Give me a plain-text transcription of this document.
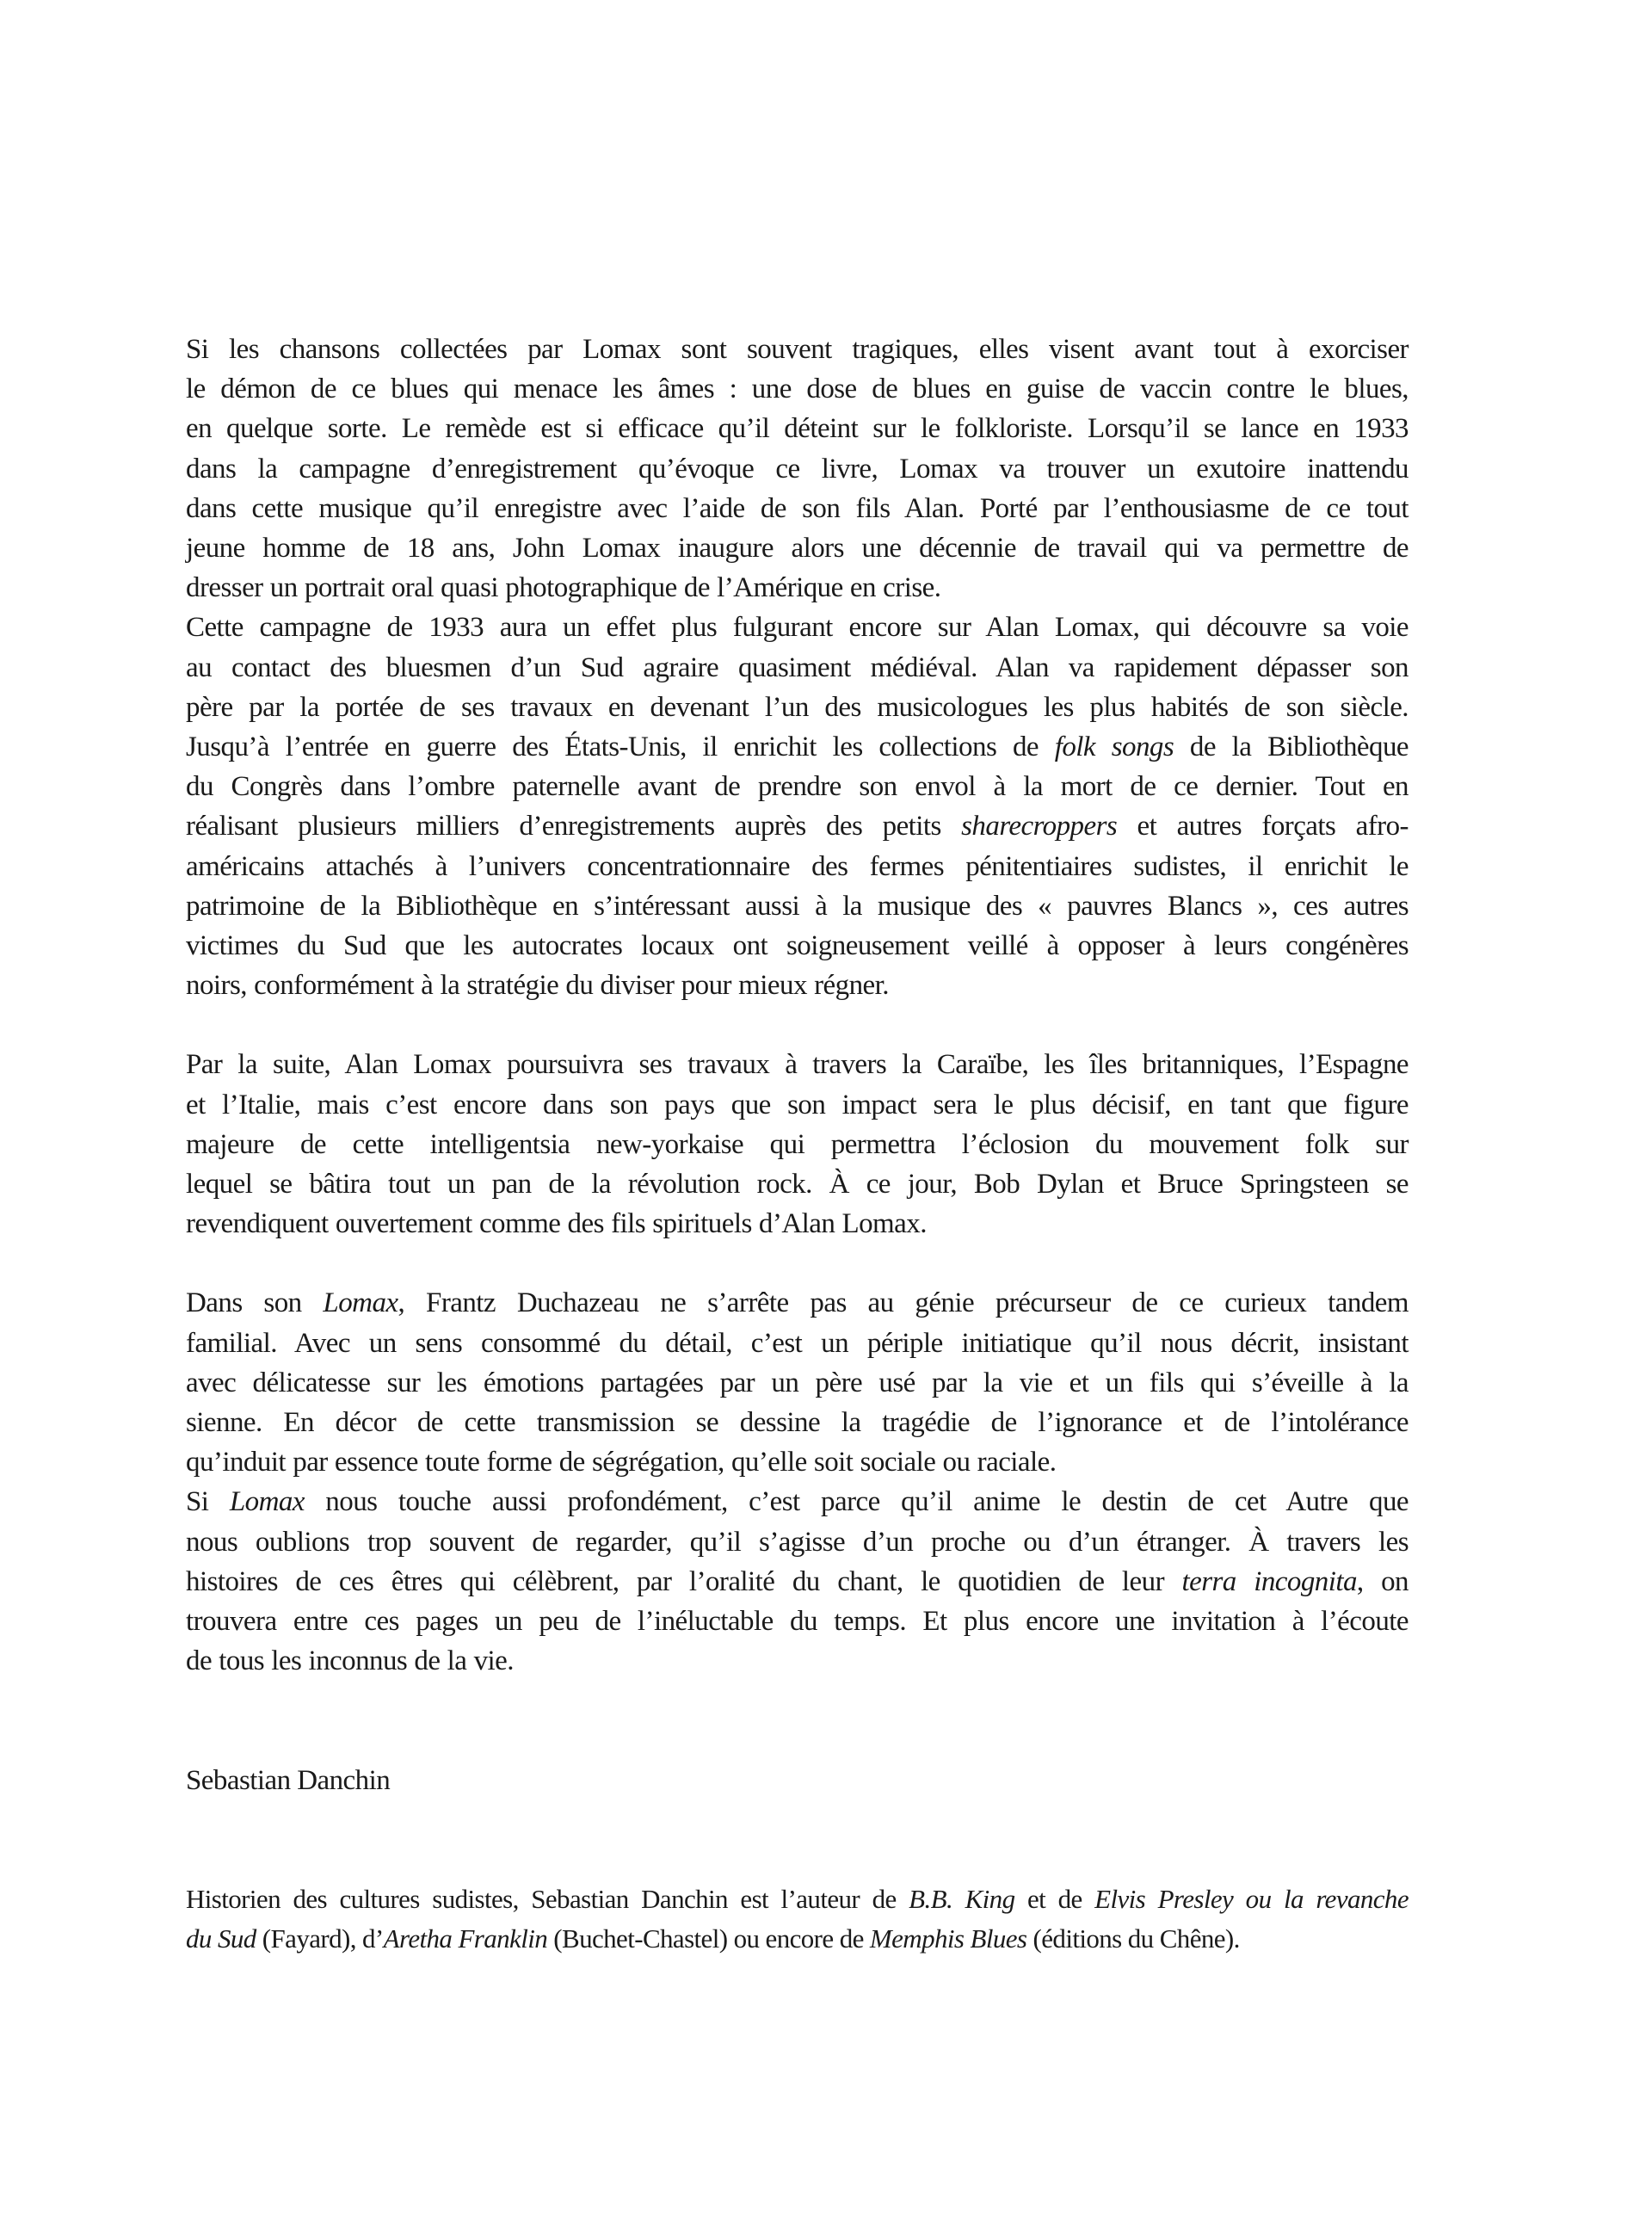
Si les chansons collectées par Lomax sont souvent tragiques, elles visent avant tout à exorciser
le démon de ce blues qui menace les âmes : une dose de blues en guise de vaccin contre le blues,
en quelque sorte. Le remède est si efficace qu’il déteint sur le folkloriste. Lorsqu’il se lance en 1933
dans la campagne d’enregistrement qu’évoque ce livre, Lomax va trouver un exutoire inattendu
dans cette musique qu’il enregistre avec l’aide de son fils Alan. Porté par l’enthousiasme de ce tout
jeune homme de 18 ans, John Lomax inaugure alors une décennie de travail qui va permettre de
dresser un portrait oral quasi photographique de l’Amérique en crise.
Cette campagne de 1933 aura un effet plus fulgurant encore sur Alan Lomax, qui découvre sa voie
au contact des bluesmen d’un Sud agraire quasiment médiéval. Alan va rapidement dépasser son
père par la portée de ses travaux en devenant l’un des musicologues les plus habités de son siècle.
Jusqu’à l’entrée en guerre des États-Unis, il enrichit les collections de folk songs de la Bibliothèque
du Congrès dans l’ombre paternelle avant de prendre son envol à la mort de ce dernier. Tout en
réalisant plusieurs milliers d’enregistrements auprès des petits sharecroppers et autres forçats afro-
américains attachés à l’univers concentrationnaire des fermes pénitentiaires sudistes, il enrichit le
patrimoine de la Bibliothèque en s’intéressant aussi à la musique des « pauvres Blancs », ces autres
victimes du Sud que les autocrates locaux ont soigneusement veillé à opposer à leurs congénères
noirs, conformément à la stratégie du diviser pour mieux régner.
Par la suite, Alan Lomax poursuivra ses travaux à travers la Caraïbe, les îles britanniques, l’Espagne
et l’Italie, mais c’est encore dans son pays que son impact sera le plus décisif, en tant que figure
majeure de cette intelligentsia new-yorkaise qui permettra l’éclosion du mouvement folk sur
lequel se bâtira tout un pan de la révolution rock. À ce jour, Bob Dylan et Bruce Springsteen se
revendiquent ouvertement comme des fils spirituels d’Alan Lomax.
Dans son Lomax, Frantz Duchazeau ne s’arrête pas au génie précurseur de ce curieux tandem
familial. Avec un sens consommé du détail, c’est un périple initiatique qu’il nous décrit, insistant
avec délicatesse sur les émotions partagées par un père usé par la vie et un fils qui s’éveille à la
sienne. En décor de cette transmission se dessine la tragédie de l’ignorance et de l’intolérance
qu’induit par essence toute forme de ségrégation, qu’elle soit sociale ou raciale.
Si Lomax nous touche aussi profondément, c’est parce qu’il anime le destin de cet Autre que
nous oublions trop souvent de regarder, qu’il s’agisse d’un proche ou d’un étranger. À travers les
histoires de ces êtres qui célèbrent, par l’oralité du chant, le quotidien de leur terra incognita, on
trouvera entre ces pages un peu de l’inéluctable du temps. Et plus encore une invitation à l’écoute
de tous les inconnus de la vie.

Sebastian Danchin

Historien des cultures sudistes, Sebastian Danchin est l’auteur de B.B. King et de Elvis Presley ou la revanche
du Sud (Fayard), d’Aretha Franklin (Buchet-Chastel) ou encore de Memphis Blues (éditions du Chêne).
